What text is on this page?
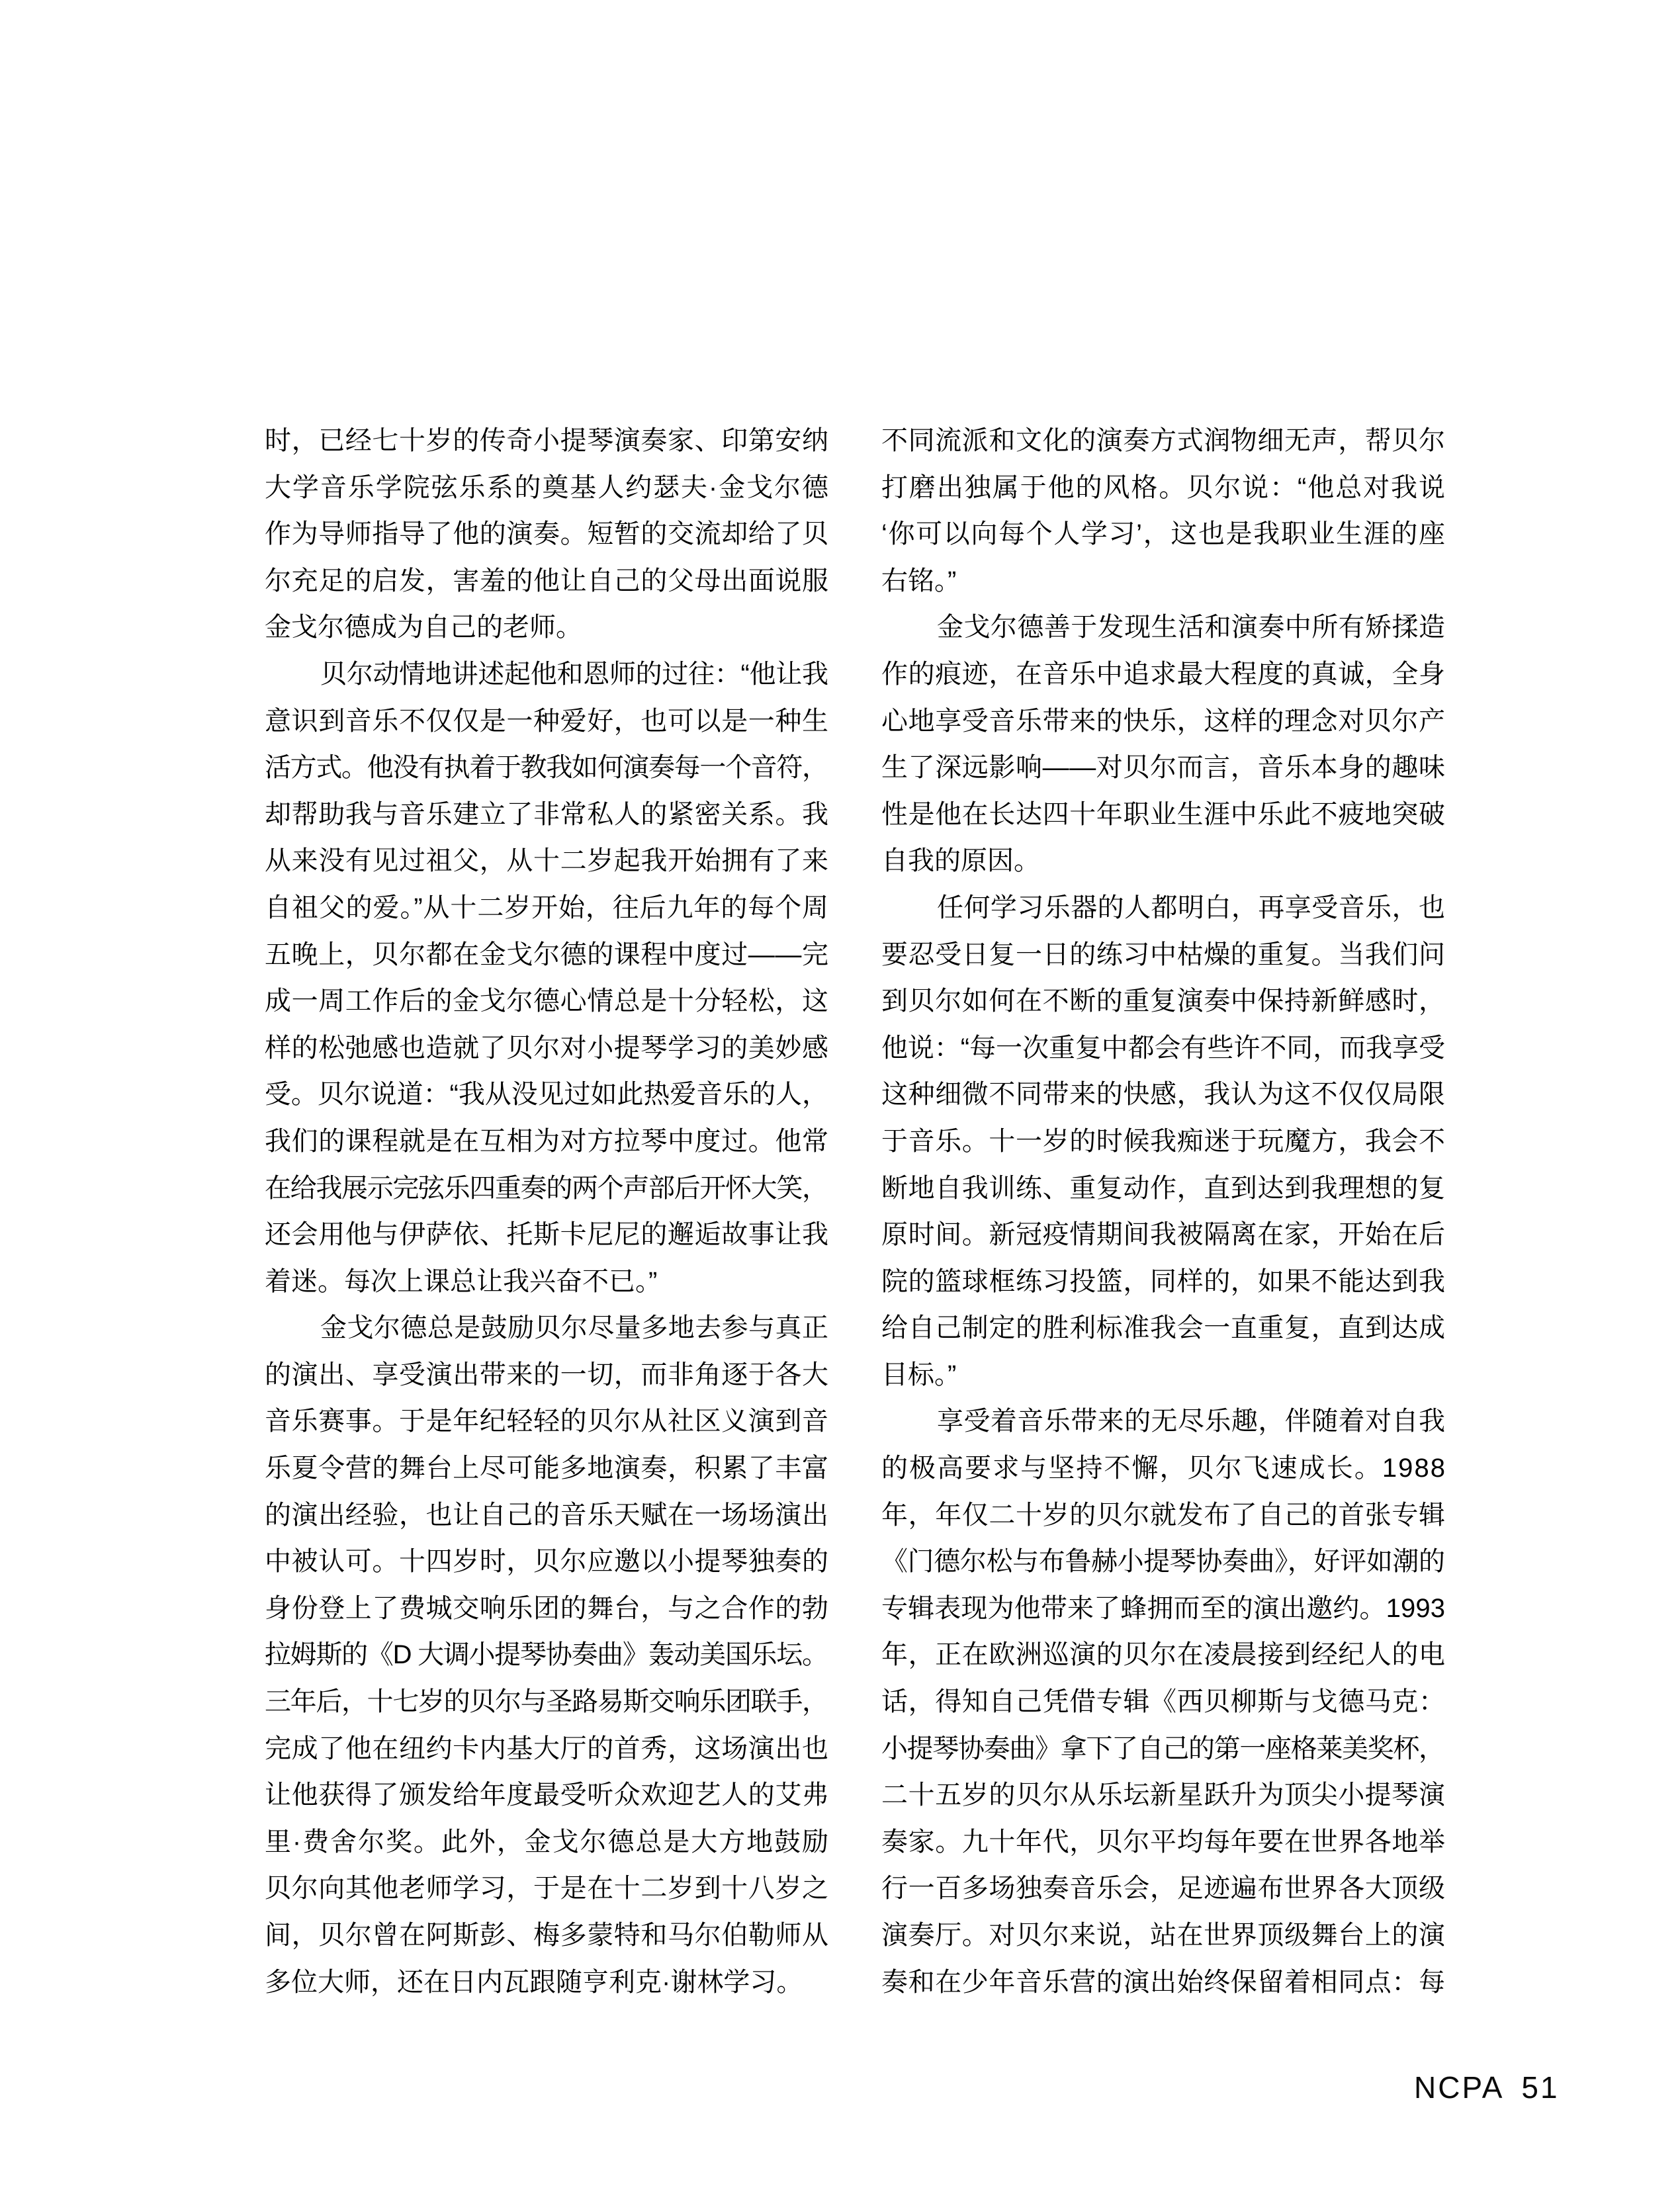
时，已经七十岁的传奇小提琴演奏家、印第安纳
大学音乐学院弦乐系的奠基人约瑟夫·金戈尔德
作为导师指导了他的演奏。短暂的交流却给了贝
尔充足的启发，害羞的他让自己的父母出面说服
金戈尔德成为自己的老师。
贝尔动情地讲述起他和恩师的过往：“他让我
意识到音乐不仅仅是一种爱好，也可以是一种生
活方式。他没有执着于教我如何演奏每一个音符，
却帮助我与音乐建立了非常私人的紧密关系。我
从来没有见过祖父，从十二岁起我开始拥有了来
自祖父的爱。”从十二岁开始，往后九年的每个周
五晚上，贝尔都在金戈尔德的课程中度过——完
成一周工作后的金戈尔德心情总是十分轻松，这
样的松弛感也造就了贝尔对小提琴学习的美妙感
受。贝尔说道：“我从没见过如此热爱音乐的人，
我们的课程就是在互相为对方拉琴中度过。他常
在给我展示完弦乐四重奏的两个声部后开怀大笑，
还会用他与伊萨依、托斯卡尼尼的邂逅故事让我
着迷。每次上课总让我兴奋不已。”
金戈尔德总是鼓励贝尔尽量多地去参与真正
的演出、享受演出带来的一切，而非角逐于各大
音乐赛事。于是年纪轻轻的贝尔从社区义演到音
乐夏令营的舞台上尽可能多地演奏，积累了丰富
的演出经验，也让自己的音乐天赋在一场场演出
中被认可。十四岁时，贝尔应邀以小提琴独奏的
身份登上了费城交响乐团的舞台，与之合作的勃
拉姆斯的《D 大调小提琴协奏曲》轰动美国乐坛。
三年后，十七岁的贝尔与圣路易斯交响乐团联手，
完成了他在纽约卡内基大厅的首秀，这场演出也
让他获得了颁发给年度最受听众欢迎艺人的艾弗
里·费舍尔奖。此外，金戈尔德总是大方地鼓励
贝尔向其他老师学习，于是在十二岁到十八岁之
间，贝尔曾在阿斯彭、梅多蒙特和马尔伯勒师从
多位大师，还在日内瓦跟随亨利克·谢林学习。
不同流派和文化的演奏方式润物细无声，帮贝尔
打磨出独属于他的风格。贝尔说：“他总对我说
‘你可以向每个人学习’，这也是我职业生涯的座
右铭。”
金戈尔德善于发现生活和演奏中所有矫揉造
作的痕迹，在音乐中追求最大程度的真诚，全身
心地享受音乐带来的快乐，这样的理念对贝尔产
生了深远影响——对贝尔而言，音乐本身的趣味
性是他在长达四十年职业生涯中乐此不疲地突破
自我的原因。
任何学习乐器的人都明白，再享受音乐，也
要忍受日复一日的练习中枯燥的重复。当我们问
到贝尔如何在不断的重复演奏中保持新鲜感时，
他说：“每一次重复中都会有些许不同，而我享受
这种细微不同带来的快感，我认为这不仅仅局限
于音乐。十一岁的时候我痴迷于玩魔方，我会不
断地自我训练、重复动作，直到达到我理想的复
原时间。新冠疫情期间我被隔离在家，开始在后
院的篮球框练习投篮，同样的，如果不能达到我
给自己制定的胜利标准我会一直重复，直到达成
目标。”
享受着音乐带来的无尽乐趣，伴随着对自我
的极高要求与坚持不懈，贝尔飞速成长。1988
年，年仅二十岁的贝尔就发布了自己的首张专辑
《门德尔松与布鲁赫小提琴协奏曲》，好评如潮的
专辑表现为他带来了蜂拥而至的演出邀约。1993
年，正在欧洲巡演的贝尔在凌晨接到经纪人的电
话，得知自己凭借专辑《西贝柳斯与戈德马克：
小提琴协奏曲》拿下了自己的第一座格莱美奖杯，
二十五岁的贝尔从乐坛新星跃升为顶尖小提琴演
奏家。九十年代，贝尔平均每年要在世界各地举
行一百多场独奏音乐会，足迹遍布世界各大顶级
演奏厅。对贝尔来说，站在世界顶级舞台上的演
奏和在少年音乐营的演出始终保留着相同点：每
NCPA 51
